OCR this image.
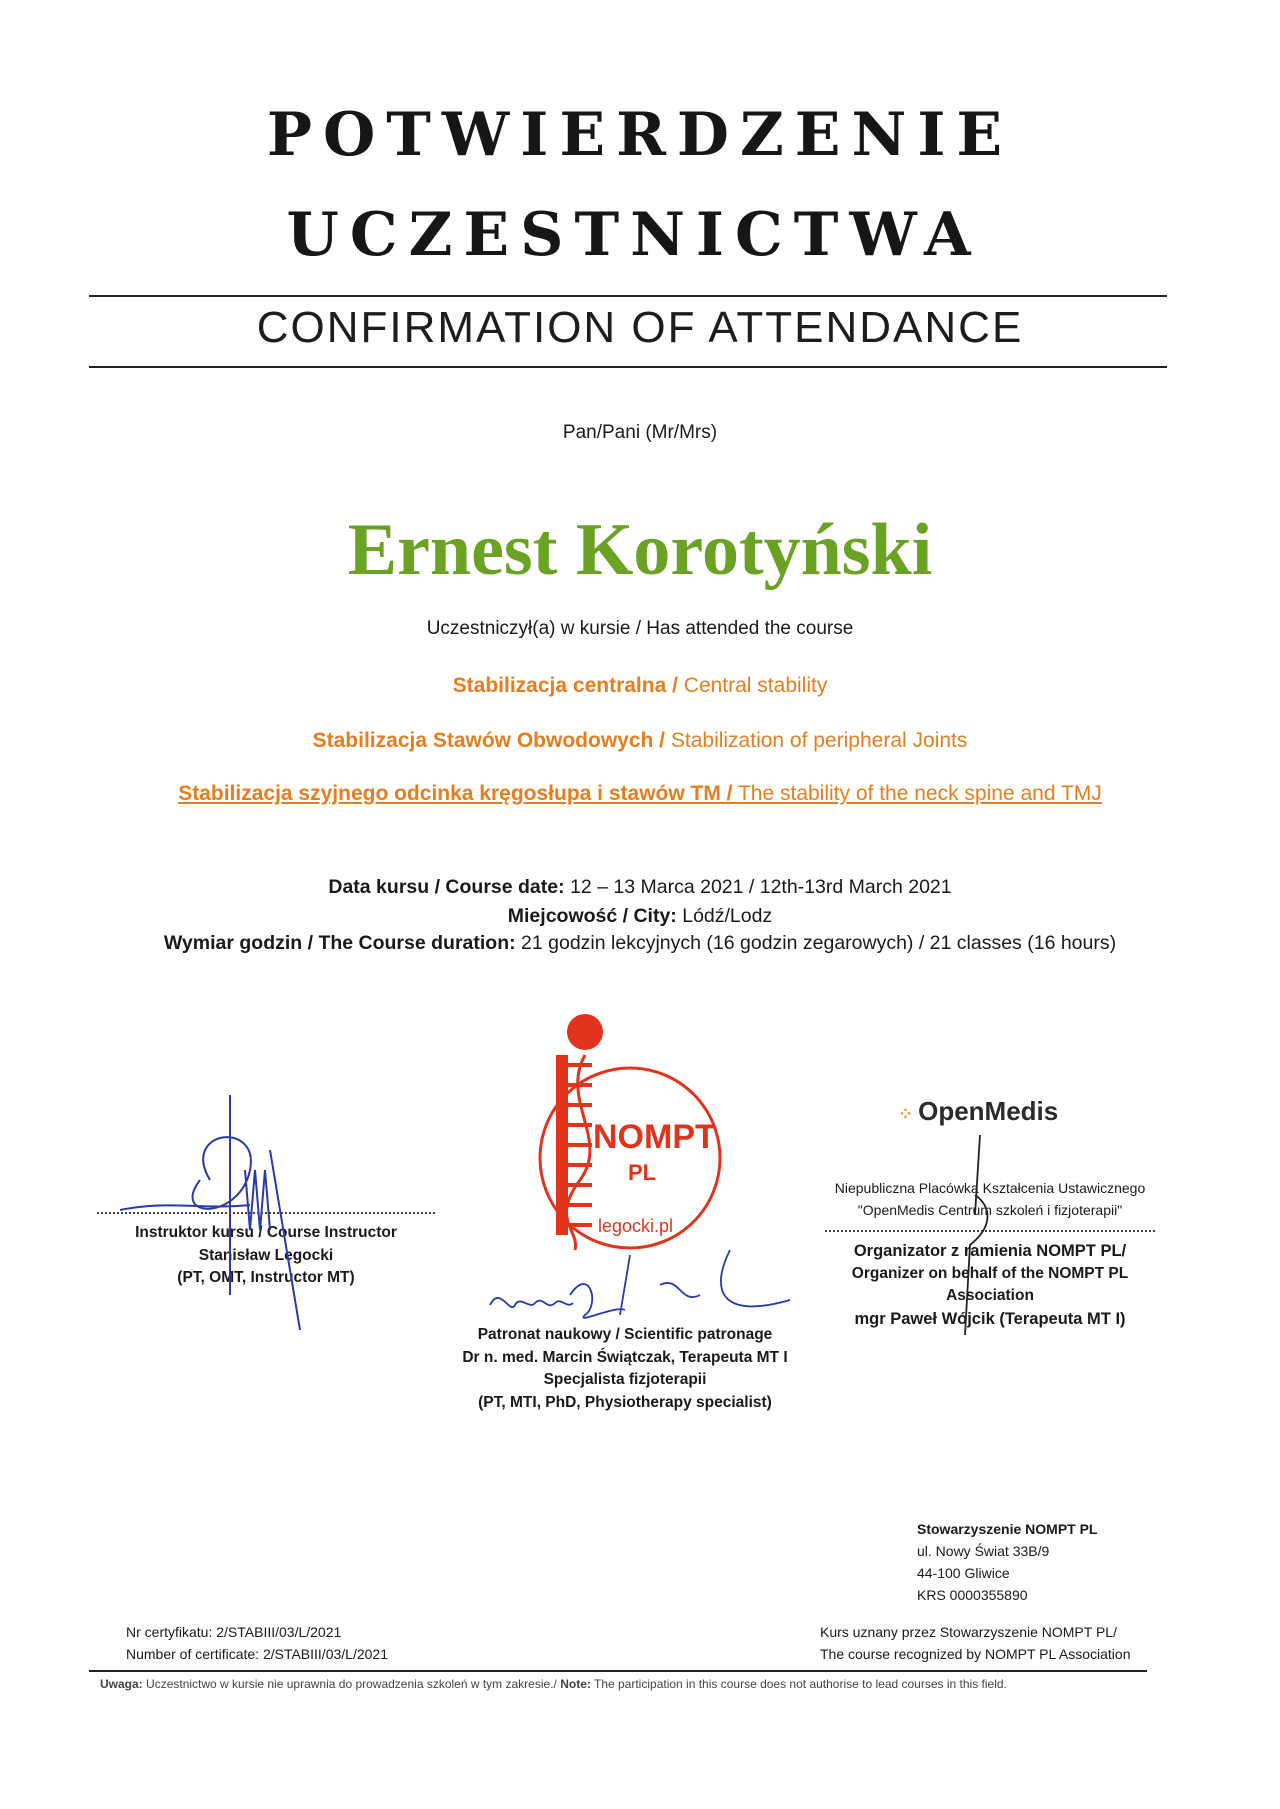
POTWIERDZENIE
UCZESTNICTWA
CONFIRMATION OF ATTENDANCE
Pan/Pani (Mr/Mrs)
Ernest Korotyński
Uczestniczył(a) w kursie / Has attended the course
Stabilizacja centralna / Central stability
Stabilizacja Stawów Obwodowych / Stabilization of peripheral Joints
Stabilizacja szyjnego odcinka kręgosłupa i stawów TM / The stability of the neck spine and TMJ
Data kursu / Course date: 12 – 13 Marca 2021 / 12th-13rd March 2021
Miejcowość / City: Lódź/Lodz
Wymiar godzin / The Course duration: 21 godzin lekcyjnych (16 godzin zegarowych) / 21 classes (16 hours)
NOMPT
PL
legocki.pl
Instruktor kursu / Course Instructor
Stanisław Legocki
(PT, OMT, Instructor MT)
Patronat naukowy / Scientific patronage
Dr n. med. Marcin Świątczak, Terapeuta MT I
Specjalista fizjoterapii
(PT, MTI, PhD, Physiotherapy specialist)
⁘ OpenMedis
Niepubliczna Placówka Kształcenia Ustawicznego
"OpenMedis Centrum szkoleń i fizjoterapii"
Organizator z ramienia NOMPT PL/
Organizer on behalf of the NOMPT PL
Association
mgr Paweł Wójcik (Terapeuta MT I)
Stowarzyszenie NOMPT PL
ul. Nowy Świat 33B/9
44-100 Gliwice
KRS 0000355890
Nr certyfikatu: 2/STABIII/03/L/2021
Number of certificate: 2/STABIII/03/L/2021
Kurs uznany przez Stowarzyszenie NOMPT PL/
The course recognized by NOMPT PL Association
Uwaga: Uczestnictwo w kursie nie uprawnia do prowadzenia szkoleń w tym zakresie./ Note: The participation in this course does not authorise to lead courses in this field.
